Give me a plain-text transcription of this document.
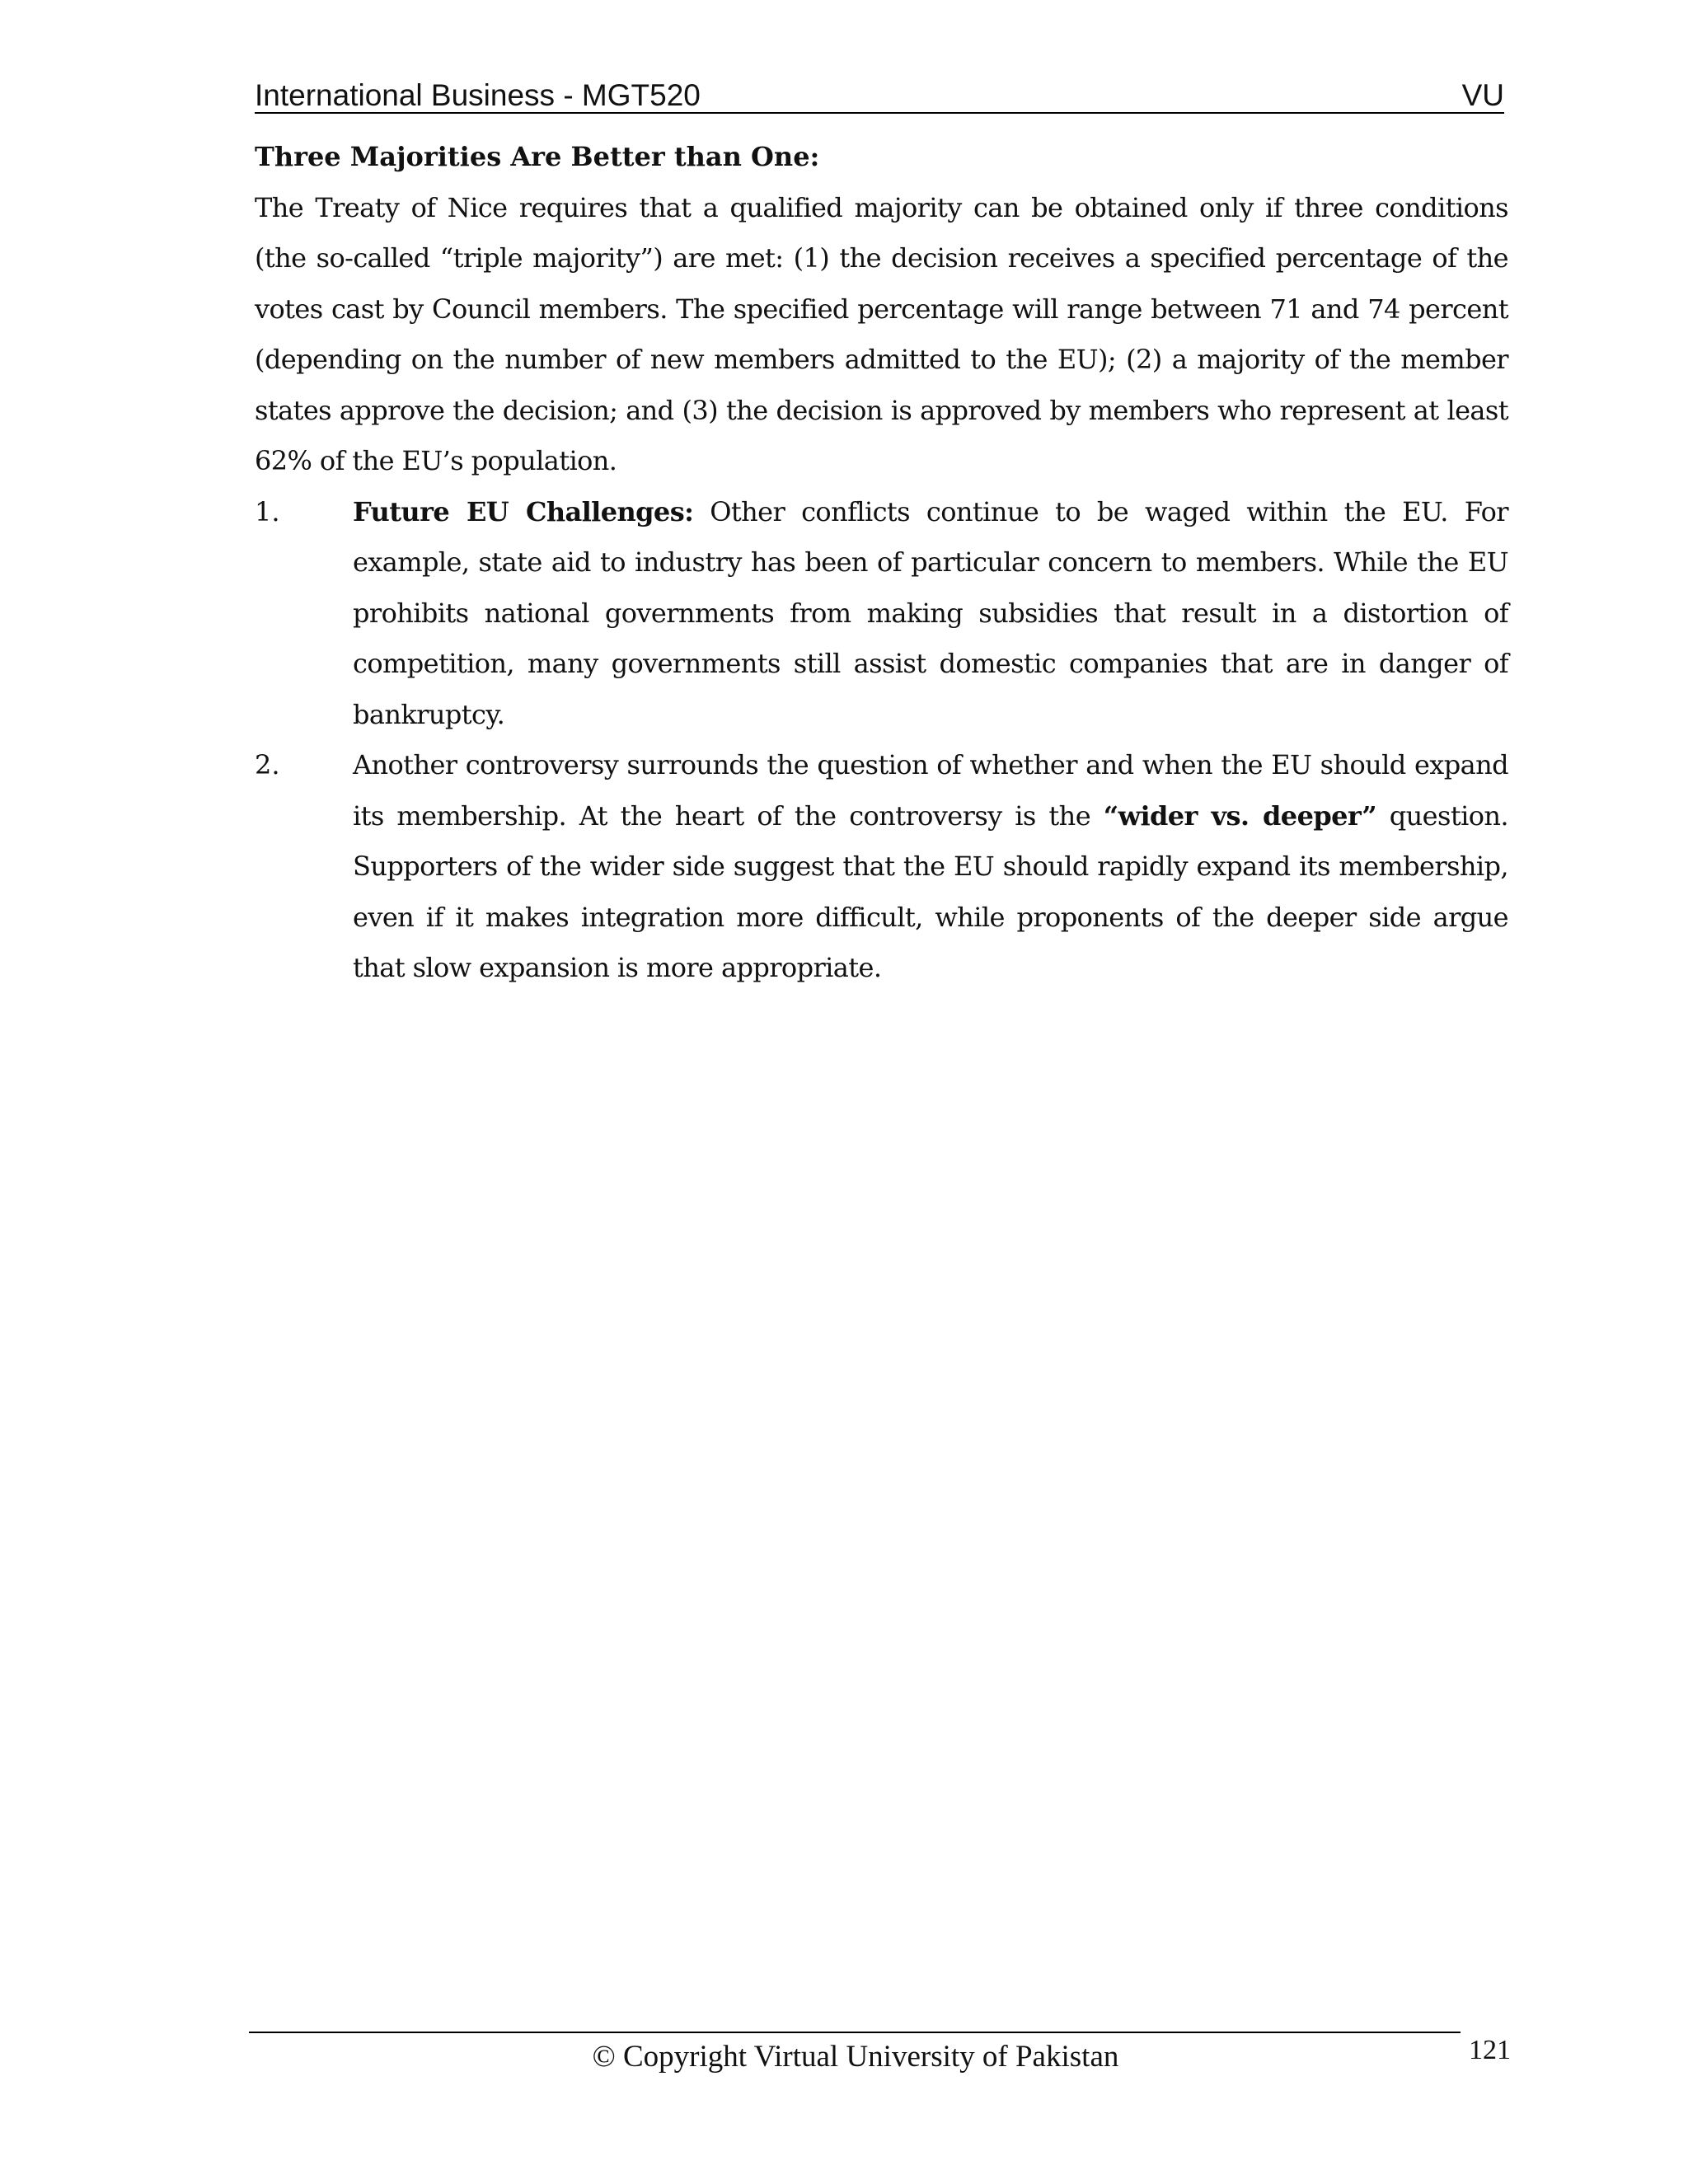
International Business - MGT520	VU

Three Majorities Are Better than One:

The Treaty of Nice requires that a qualified majority can be obtained only if three conditions (the so-called “triple majority”) are met: (1) the decision receives a specified percentage of the votes cast by Council members. The specified percentage will range between 71 and 74 percent (depending on the number of new members admitted to the EU); (2) a majority of the member states approve the decision; and (3) the decision is approved by members who represent at least 62% of the EU’s population.

1.	Future EU Challenges: Other conflicts continue to be waged within the EU. For example, state aid to industry has been of particular concern to members. While the EU prohibits national governments from making subsidies that result in a distortion of competition, many governments still assist domestic companies that are in danger of bankruptcy.
2.	Another controversy surrounds the question of whether and when the EU should expand its membership. At the heart of the controversy is the “wider vs. deeper” question. Supporters of the wider side suggest that the EU should rapidly expand its membership, even if it makes integration more difficult, while proponents of the deeper side argue that slow expansion is more appropriate.
© Copyright Virtual University of Pakistan	121
